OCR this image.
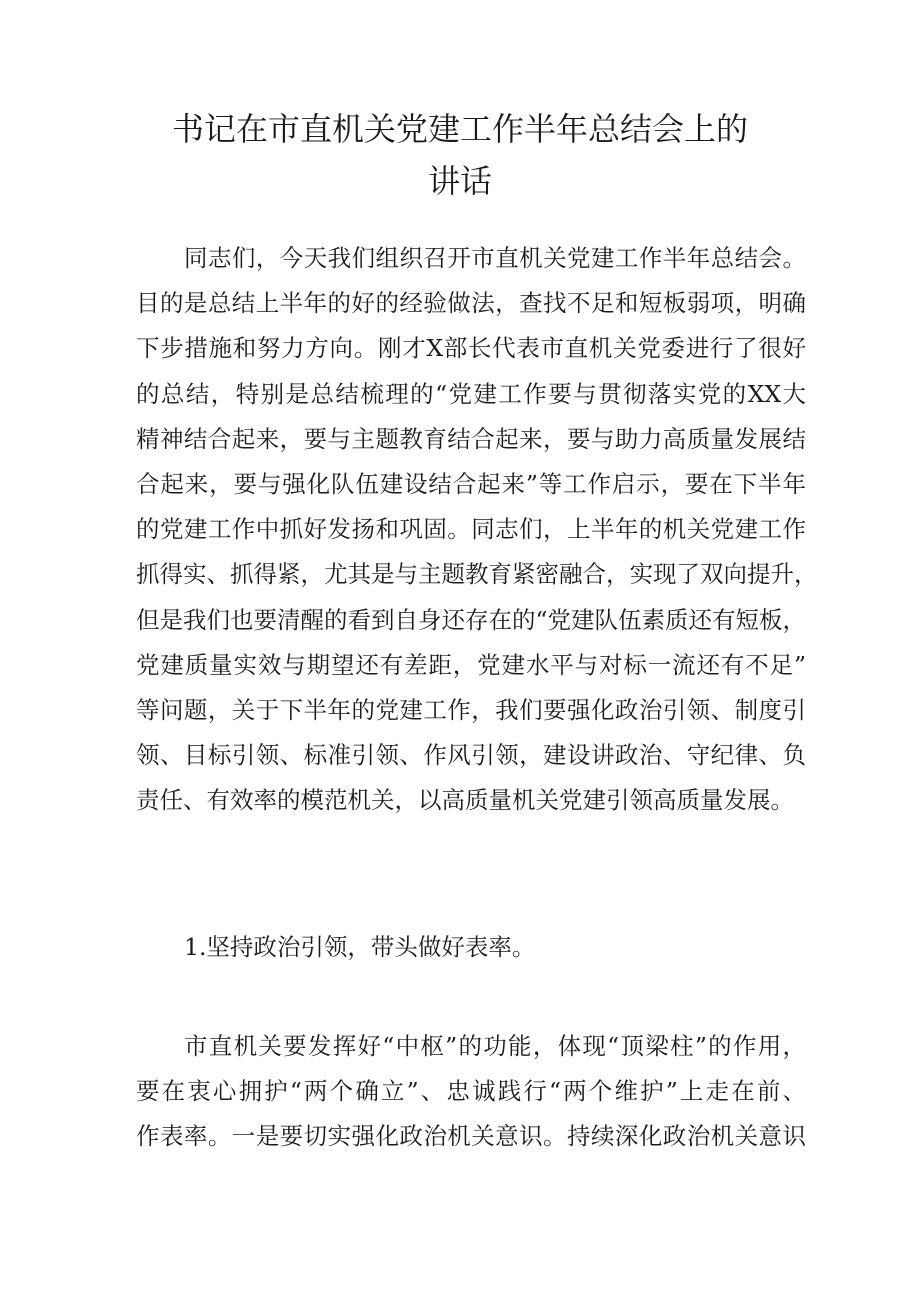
书记在市直机关党建工作半年总结会上的
讲话
同志们，今天我们组织召开市直机关党建工作半年总结会。
目的是总结上半年的好的经验做法，查找不足和短板弱项，明确
下步措施和努力方向。刚才X部长代表市直机关党委进行了很好
的总结，特别是总结梳理的“党建工作要与贯彻落实党的XX大
精神结合起来，要与主题教育结合起来，要与助力高质量发展结
合起来，要与强化队伍建设结合起来”等工作启示，要在下半年
的党建工作中抓好发扬和巩固。同志们，上半年的机关党建工作
抓得实、抓得紧，尤其是与主题教育紧密融合，实现了双向提升，
但是我们也要清醒的看到自身还存在的“党建队伍素质还有短板，
党建质量实效与期望还有差距，党建水平与对标一流还有不足”
等问题，关于下半年的党建工作，我们要强化政治引领、制度引
领、目标引领、标准引领、作风引领，建设讲政治、守纪律、负
责任、有效率的模范机关，以高质量机关党建引领高质量发展。
1.坚持政治引领，带头做好表率。
市直机关要发挥好“中枢”的功能，体现“顶梁柱”的作用，
要在衷心拥护“两个确立”、忠诚践行“两个维护”上走在前、
作表率。一是要切实强化政治机关意识。持续深化政治机关意识
